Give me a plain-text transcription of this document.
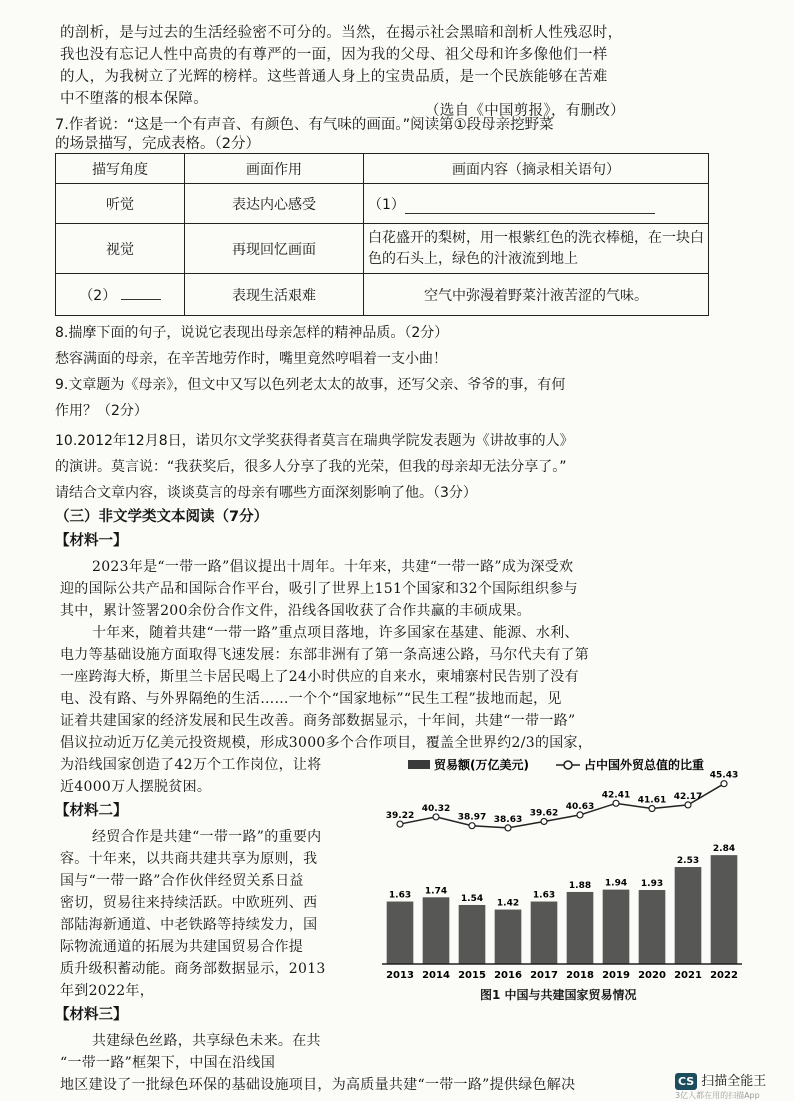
的剖析，是与过去的生活经验密不可分的。当然，在揭示社会黑暗和剖析人性残忍时，

我也没有忘记人性中高贵的有尊严的一面，因为我的父母、祖父母和许多像他们一样

的人，为我树立了光辉的榜样。这些普通人身上的宝贵品质，是一个民族能够在苦难

中不堕落的根本保障。

（选自《中国剪报》，有删改）

7.作者说：“这是一个有声音、有颜色、有气味的画面。”阅读第①段母亲挖野菜

的场景描写，完成表格。（2分）

描写角度	画面作用	画面内容（摘录相关语句）
听觉	表达内心感受	（1）
视觉	再现回忆画面	白花盛开的梨树，用一根紫红色的洗衣棒槌，在一块白色的石头上，绿色的汁液流到地上
（2）	表现生活艰难	空气中弥漫着野菜汁液苦涩的气味。

8.揣摩下面的句子，说说它表现出母亲怎样的精神品质。（2分）

愁容满面的母亲，在辛苦地劳作时，嘴里竟然哼唱着一支小曲！

9.文章题为《母亲》，但文中又写以色列老太太的故事，还写父亲、爷爷的事，有何

作用？（2分）

10.2012年12月8日，诺贝尔文学奖获得者莫言在瑞典学院发表题为《讲故事的人》

的演讲。莫言说：“我获奖后，很多人分享了我的光荣，但我的母亲却无法分享了。”

请结合文章内容，谈谈莫言的母亲有哪些方面深刻影响了他。（3分）

（三）非文学类文本阅读（7分）

【材料一】

2023年是“一带一路”倡议提出十周年。十年来，共建“一带一路”成为深受欢

迎的国际公共产品和国际合作平台，吸引了世界上151个国家和32个国际组织参与

其中，累计签署200余份合作文件，沿线各国收获了合作共赢的丰硕成果。

十年来，随着共建“一带一路”重点项目落地，许多国家在基建、能源、水利、

电力等基础设施方面取得飞速发展：东部非洲有了第一条高速公路，马尔代夫有了第

一座跨海大桥，斯里兰卡居民喝上了24小时供应的自来水，柬埔寨村民告别了没有

电、没有路、与外界隔绝的生活……一个个“国家地标”“民生工程”拔地而起，见

证着共建国家的经济发展和民生改善。商务部数据显示，十年间，共建“一带一路”

倡议拉动近万亿美元投资规模，形成3000多个合作项目，覆盖全世界约2/3的国家，

为沿线国家创造了42万个工作岗位，让将

近4000万人摆脱贫困。

【材料二】

经贸合作是共建“一带一路”的重要内

容。十年来，以共商共建共享为原则，我

国与“一带一路”合作伙伴经贸关系日益

密切，贸易往来持续活跃。中欧班列、西

部陆海新通道、中老铁路等持续发力，国

际物流通道的拓展为共建国贸易合作提

质升级积蓄动能。商务部数据显示，2013

年到2022年，

【材料三】

共建绿色丝路，共享绿色未来。在共

“一带一路”框架下，中国在沿线国

地区建设了一批绿色环保的基础设施项目，为高质量共建“一带一路”提供绿色解决

贸易额(万亿美元)	占中国外贸总值的比重
1.63
2013
1.74
2014
1.54
2015
1.42
2016
1.63
2017
1.88
2018
1.94
2019
1.93
2020
2.53
2021
2.84
2022
39.22
40.32
38.97 38.63
39.62
40.63
42.41
41.61 42.17
45.43

图1 中国与共建国家贸易情况

CS 扫描全能王
3亿人都在用的扫描App
